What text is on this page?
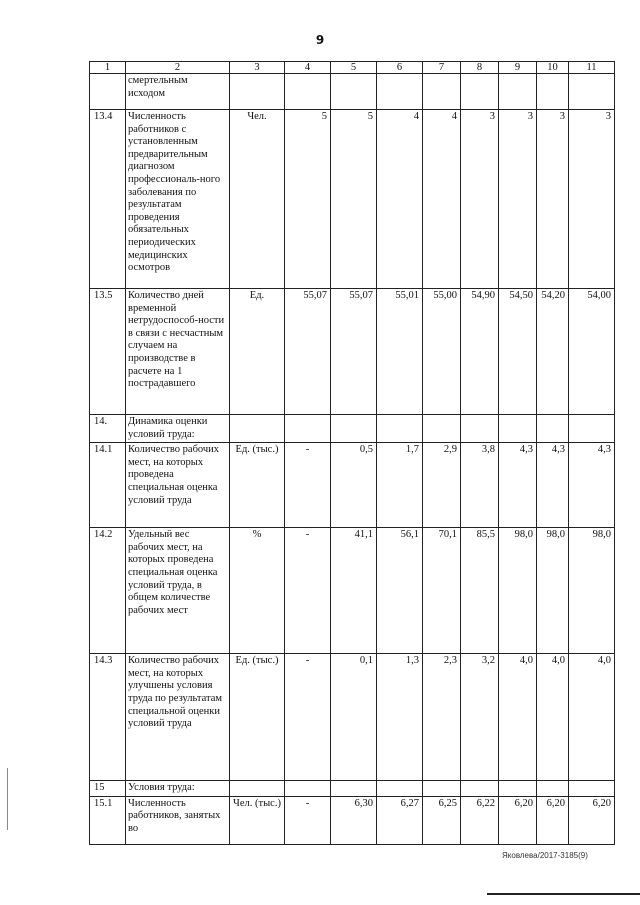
9
1	2	3	4	5	6	7	8	9	10	11
	смертельным исходом									
13.4	Численность работников с установленным предварительным диагнозом профессиональ-ного заболевания по результатам проведения обязательных периодических медицинских осмотров	Чел.	5	5	4	4	3	3	3	3
13.5	Количество дней временной нетрудоспособ-ности в связи с несчастным случаем на производстве в расчете на 1 пострадавшего	Ед.	55,07	55,07	55,01	55,00	54,90	54,50	54,20	54,00
14.	Динамика оценки условий труда:									
14.1	Количество рабочих мест, на которых проведена специальная оценка условий труда	Ед. (тыс.)	-	0,5	1,7	2,9	3,8	4,3	4,3	4,3
14.2	Удельный вес рабочих мест, на которых проведена специальная оценка условий труда, в общем количестве рабочих мест	%	-	41,1	56,1	70,1	85,5	98,0	98,0	98,0
14.3	Количество рабочих мест, на которых улучшены условия труда по результатам специальной оценки условий труда	Ед. (тыс.)	-	0,1	1,3	2,3	3,2	4,0	4,0	4,0
15	Условия труда:									
15.1	Численность работников, занятых во	Чел. (тыс.)	-	6,30	6,27	6,25	6,22	6,20	6,20	6,20
Яковлева/2017-3185(9)
